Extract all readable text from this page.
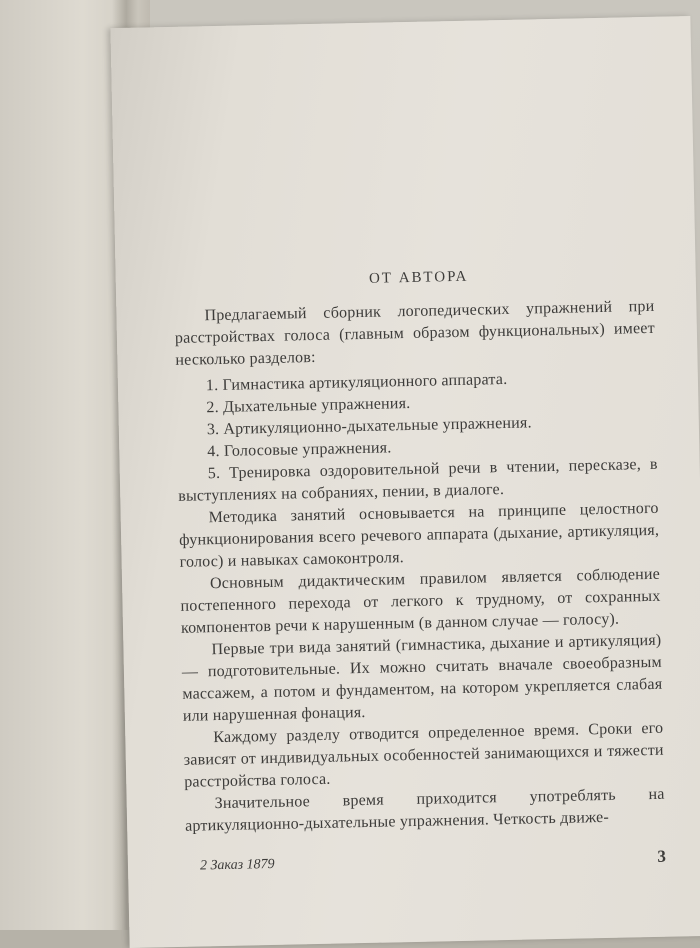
ОТ АВТОРА

Предлагаемый сборник логопедических упражнений при расстройствах голоса (главным образом функциональных) имеет несколько разделов:

1. Гимнастика артикуляционного аппарата.

2. Дыхательные упражнения.

3. Артикуляционно-дыхательные упражнения.

4. Голосовые упражнения.

5. Тренировка оздоровительной речи в чтении, пересказе, в выступлениях на собраниях, пении, в диалоге.

Методика занятий основывается на принципе целостного функционирования всего речевого аппарата (дыхание, артикуляция, голос) и навыках самоконтроля.

Основным дидактическим правилом является соблюдение постепенного перехода от легкого к трудному, от сохранных компонентов речи к нарушенным (в данном случае — голосу).

Первые три вида занятий (гимнастика, дыхание и артикуляция) — подготовительные. Их можно считать вначале своеобразным массажем, а потом и фундаментом, на котором укрепляется слабая или нарушенная фонация.

Каждому разделу отводится определенное время. Сроки его зависят от индивидуальных особенностей занимающихся и тяжести расстройства голоса.

Значительное время приходится употреблять на артикуляционно-дыхательные упражнения. Четкость движе-

2 Заказ 1879	3
